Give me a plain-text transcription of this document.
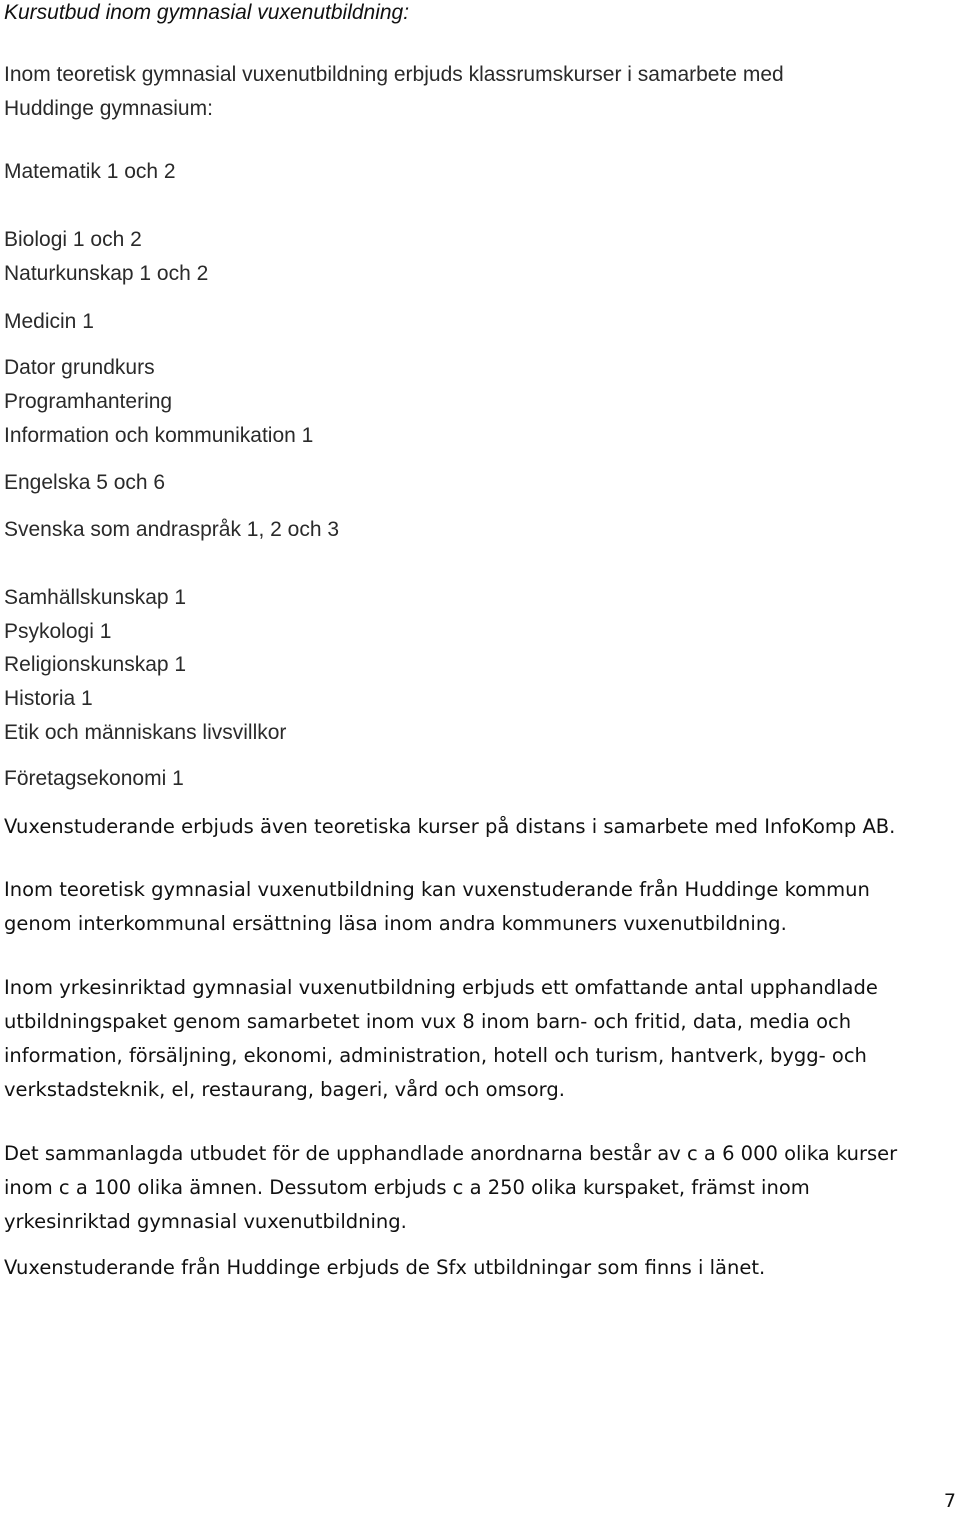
Kursutbud inom gymnasial vuxenutbildning:

Inom teoretisk gymnasial vuxenutbildning erbjuds klassrumskurser i samarbete med

Huddinge gymnasium:

Matematik 1 och 2

Biologi 1 och 2

Naturkunskap 1 och 2

Medicin 1

Dator grundkurs

Programhantering

Information och kommunikation 1

Engelska 5 och 6

Svenska som andraspråk 1, 2 och 3

Samhällskunskap 1

Psykologi 1

Religionskunskap 1

Historia 1

Etik och människans livsvillkor

Företagsekonomi 1

Vuxenstuderande erbjuds även teoretiska kurser på distans i samarbete med InfoKomp AB.

Inom teoretisk gymnasial vuxenutbildning kan vuxenstuderande från Huddinge kommun

genom interkommunal ersättning läsa inom andra kommuners vuxenutbildning.

Inom yrkesinriktad gymnasial vuxenutbildning erbjuds ett omfattande antal upphandlade

utbildningspaket genom samarbetet inom vux 8 inom barn- och fritid, data, media och

information, försäljning, ekonomi, administration, hotell och turism, hantverk, bygg- och

verkstadsteknik, el, restaurang, bageri, vård och omsorg.

Det sammanlagda utbudet för de upphandlade anordnarna består av c a 6 000 olika kurser

inom c a 100 olika ämnen. Dessutom erbjuds c a 250 olika kurspaket, främst inom

yrkesinriktad gymnasial vuxenutbildning.

Vuxenstuderande från Huddinge erbjuds de Sfx utbildningar som finns i länet.

7
